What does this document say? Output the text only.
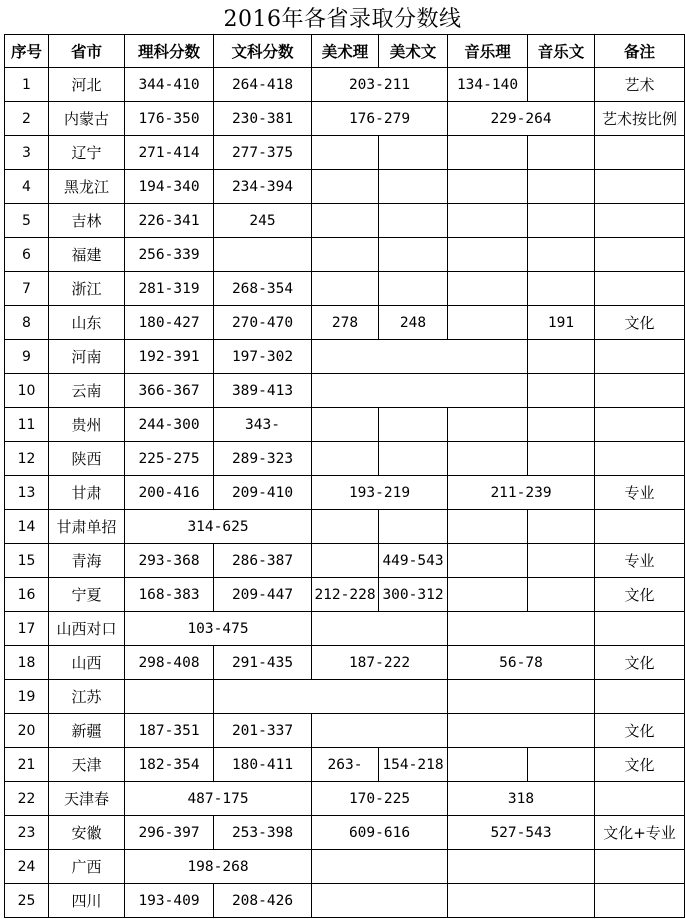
2016年各省录取分数线
序号	省市	理科分数	文科分数	美术理	美术文	音乐理	音乐文	备注
1	河北	344-410	264-418	203-211		134-140		艺术
2	内蒙古	176-350	230-381	176-279		229-264		艺术按比例
3	辽宁	271-414	277-375					
4	黑龙江	194-340	234-394					
5	吉林	226-341	245					
6	福建	256-339						
7	浙江	281-319	268-354					
8	山东	180-427	270-470	278	248		191	文化
9	河南	192-391	197-302					
10	云南	366-367	389-413					
11	贵州	244-300	343-					
12	陕西	225-275	289-323					
13	甘肃	200-416	209-410	193-219		211-239		专业
14	甘肃单招	314-625						
15	青海	293-368	286-387		449-543			专业
16	宁夏	168-383	209-447	212-228	300-312			文化
17	山西对口	103-475						
18	山西	298-408	291-435	187-222		56-78		文化
19	江苏							
20	新疆	187-351	201-337					文化
21	天津	182-354	180-411	263-	154-218			文化
22	天津春	487-175		170-225		318		
23	安徽	296-397	253-398	609-616		527-543		文化+专业
24	广西	198-268						
25	四川	193-409	208-426					
